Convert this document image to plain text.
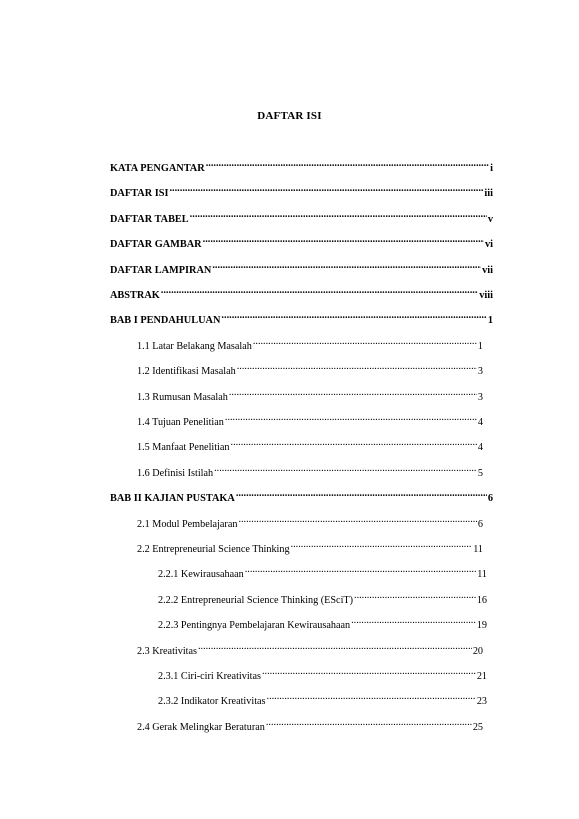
DAFTAR ISI
KATA PENGANTAR .....	i
DAFTAR ISI .....	iii
DAFTAR TABEL .....	v
DAFTAR GAMBAR .....	vi
DAFTAR LAMPIRAN .....	vii
ABSTRAK .....	viii
BAB I PENDAHULUAN .....	1
1.1 Latar Belakang Masalah .....	1
1.2 Identifikasi Masalah .....	3
1.3 Rumusan Masalah .....	3
1.4 Tujuan Penelitian .....	4
1.5 Manfaat Penelitian .....	4
1.6 Definisi Istilah .....	5
BAB II KAJIAN PUSTAKA .....	6
2.1 Modul Pembelajaran .....	6
2.2 Entrepreneurial Science Thinking .....	11
2.2.1 Kewirausahaan .....	11
2.2.2 Entrepreneurial Science Thinking (ESciT) .....	16
2.2.3 Pentingnya Pembelajaran Kewirausahaan .....	19
2.3 Kreativitas .....	20
2.3.1 Ciri-ciri Kreativitas .....	21
2.3.2 Indikator Kreativitas .....	23
2.4 Gerak Melingkar Beraturan .....	25
